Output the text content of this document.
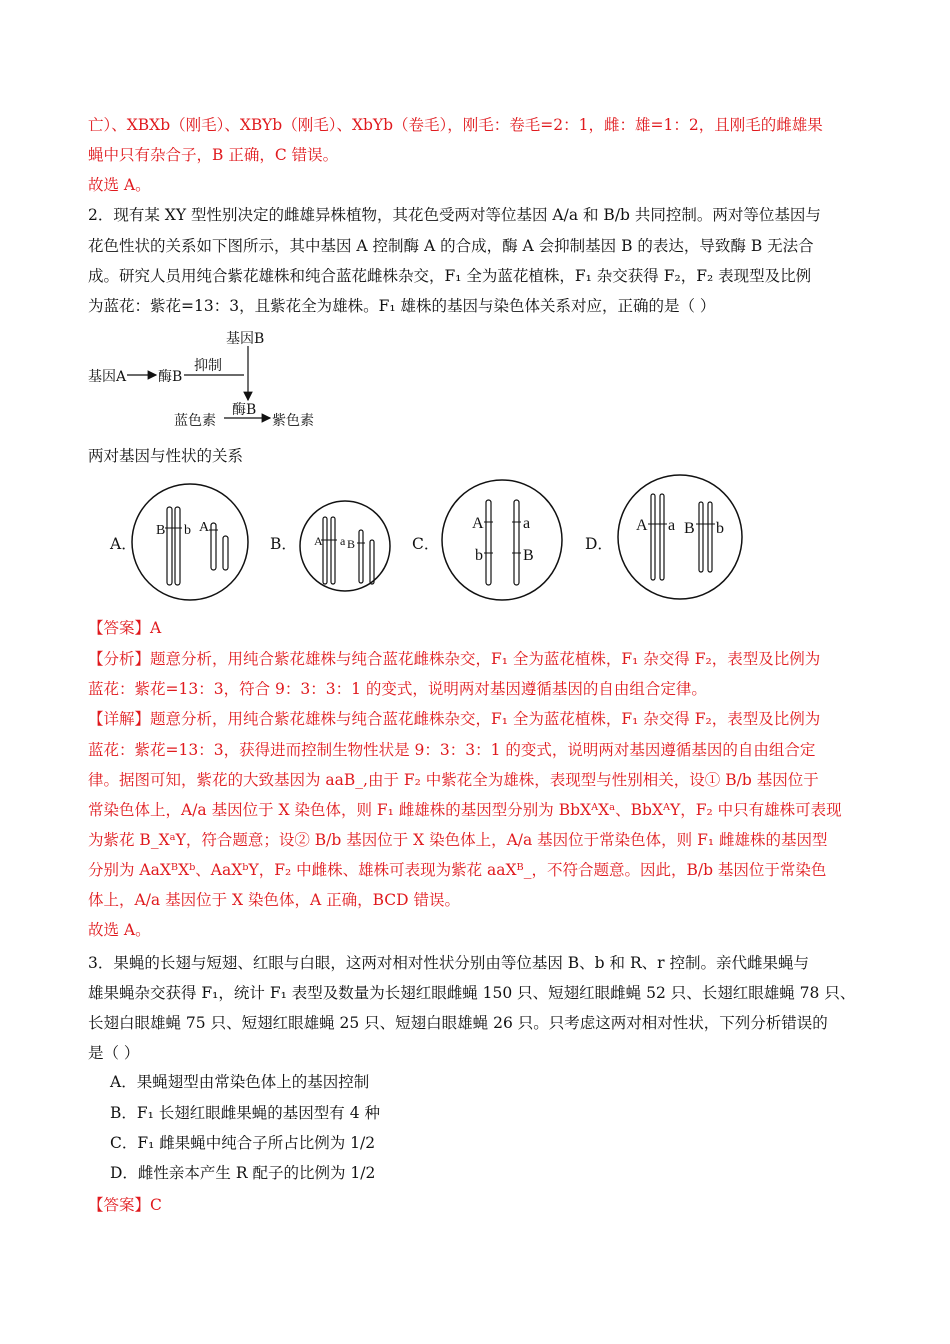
亡）、XBXb（刚毛）、XBYb（刚毛）、XbYb（卷毛），刚毛：卷毛=2：1，雌：雄=1：2，且刚毛的雌雄果
蝇中只有杂合子，B 正确，C 错误。
故选 A。
2．现有某 XY 型性别决定的雌雄异株植物，其花色受两对等位基因 A/a 和 B/b 共同控制。两对等位基因与
花色性状的关系如下图所示，其中基因 A 控制酶 A 的合成，酶 A 会抑制基因 B 的表达，导致酶 B 无法合
成。研究人员用纯合紫花雄株和纯合蓝花雌株杂交，F₁ 全为蓝花植株，F₁ 杂交获得 F₂，F₂ 表现型及比例
为蓝花：紫花=13：3，且紫花全为雄株。F₁ 雄株的基因与染色体关系对应，正确的是（ ）
基因B
基因A 酶B
抑制
酶B
蓝色素	紫色素
两对基因与性状的关系
A．	B．	C．	D．
B b A
A a B
A a
b	B
A a B b
【答案】A
【分析】题意分析，用纯合紫花雄株与纯合蓝花雌株杂交，F₁ 全为蓝花植株，F₁ 杂交得 F₂，表型及比例为
蓝花：紫花=13：3，符合 9：3：3：1 的变式，说明两对基因遵循基因的自由组合定律。
【详解】题意分析，用纯合紫花雄株与纯合蓝花雌株杂交，F₁ 全为蓝花植株，F₁ 杂交得 F₂，表型及比例为
蓝花：紫花=13：3，获得进而控制生物性状是 9：3：3：1 的变式，说明两对基因遵循基因的自由组合定
律。据图可知，紫花的大致基因为 aaB_,由于 F₂ 中紫花全为雄株，表现型与性别相关，设① B/b 基因位于
常染色体上，A/a 基因位于 X 染色体，则 F₁ 雌雄株的基因型分别为 BbXᴬXᵃ、BbXᴬY，F₂ 中只有雄株可表现
为紫花 B_XᵃY，符合题意；设② B/b 基因位于 X 染色体上，A/a 基因位于常染色体，则 F₁ 雌雄株的基因型
分别为 AaXᴮXᵇ、AaXᵇY，F₂ 中雌株、雄株可表现为紫花 aaXᴮ_，不符合题意。因此，B/b 基因位于常染色
体上，A/a 基因位于 X 染色体，A 正确，BCD 错误。
故选 A。
3．果蝇的长翅与短翅、红眼与白眼，这两对相对性状分别由等位基因 B、b 和 R、r 控制。亲代雌果蝇与
雄果蝇杂交获得 F₁，统计 F₁ 表型及数量为长翅红眼雌蝇 150 只、短翅红眼雌蝇 52 只、长翅红眼雄蝇 78 只、
长翅白眼雄蝇 75 只、短翅红眼雄蝇 25 只、短翅白眼雄蝇 26 只。只考虑这两对相对性状，下列分析错误的
是（ ）
A．果蝇翅型由常染色体上的基因控制
B．F₁ 长翅红眼雌果蝇的基因型有 4 种
C．F₁ 雌果蝇中纯合子所占比例为 1/2
D．雌性亲本产生 R 配子的比例为 1/2
【答案】C
